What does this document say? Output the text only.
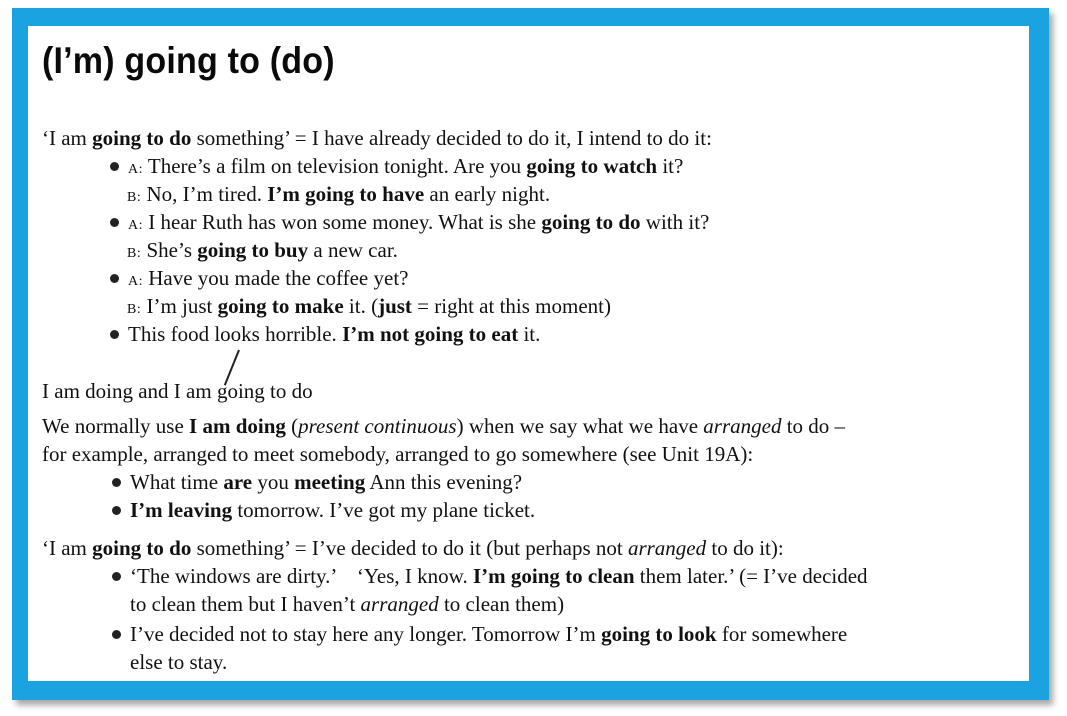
(I’m) going to (do)
‘I am going to do something’ = I have already decided to do it, I intend to do it:
A: There’s a film on television tonight. Are you going to watch it?
B: No, I’m tired. I’m going to have an early night.
A: I hear Ruth has won some money. What is she going to do with it?
B: She’s going to buy a new car.
A: Have you made the coffee yet?
B: I’m just going to make it. (just = right at this moment)
This food looks horrible. I’m not going to eat it.
I am doing and I am going to do
We normally use I am doing (present continuous) when we say what we have arranged to do –
for example, arranged to meet somebody, arranged to go somewhere (see Unit 19A):
What time are you meeting Ann this evening?
I’m leaving tomorrow. I’ve got my plane ticket.
‘I am going to do something’ = I’ve decided to do it (but perhaps not arranged to do it):
‘The windows are dirty.’    ‘Yes, I know. I’m going to clean them later.’ (= I’ve decided
to clean them but I haven’t arranged to clean them)
I’ve decided not to stay here any longer. Tomorrow I’m going to look for somewhere
else to stay.
